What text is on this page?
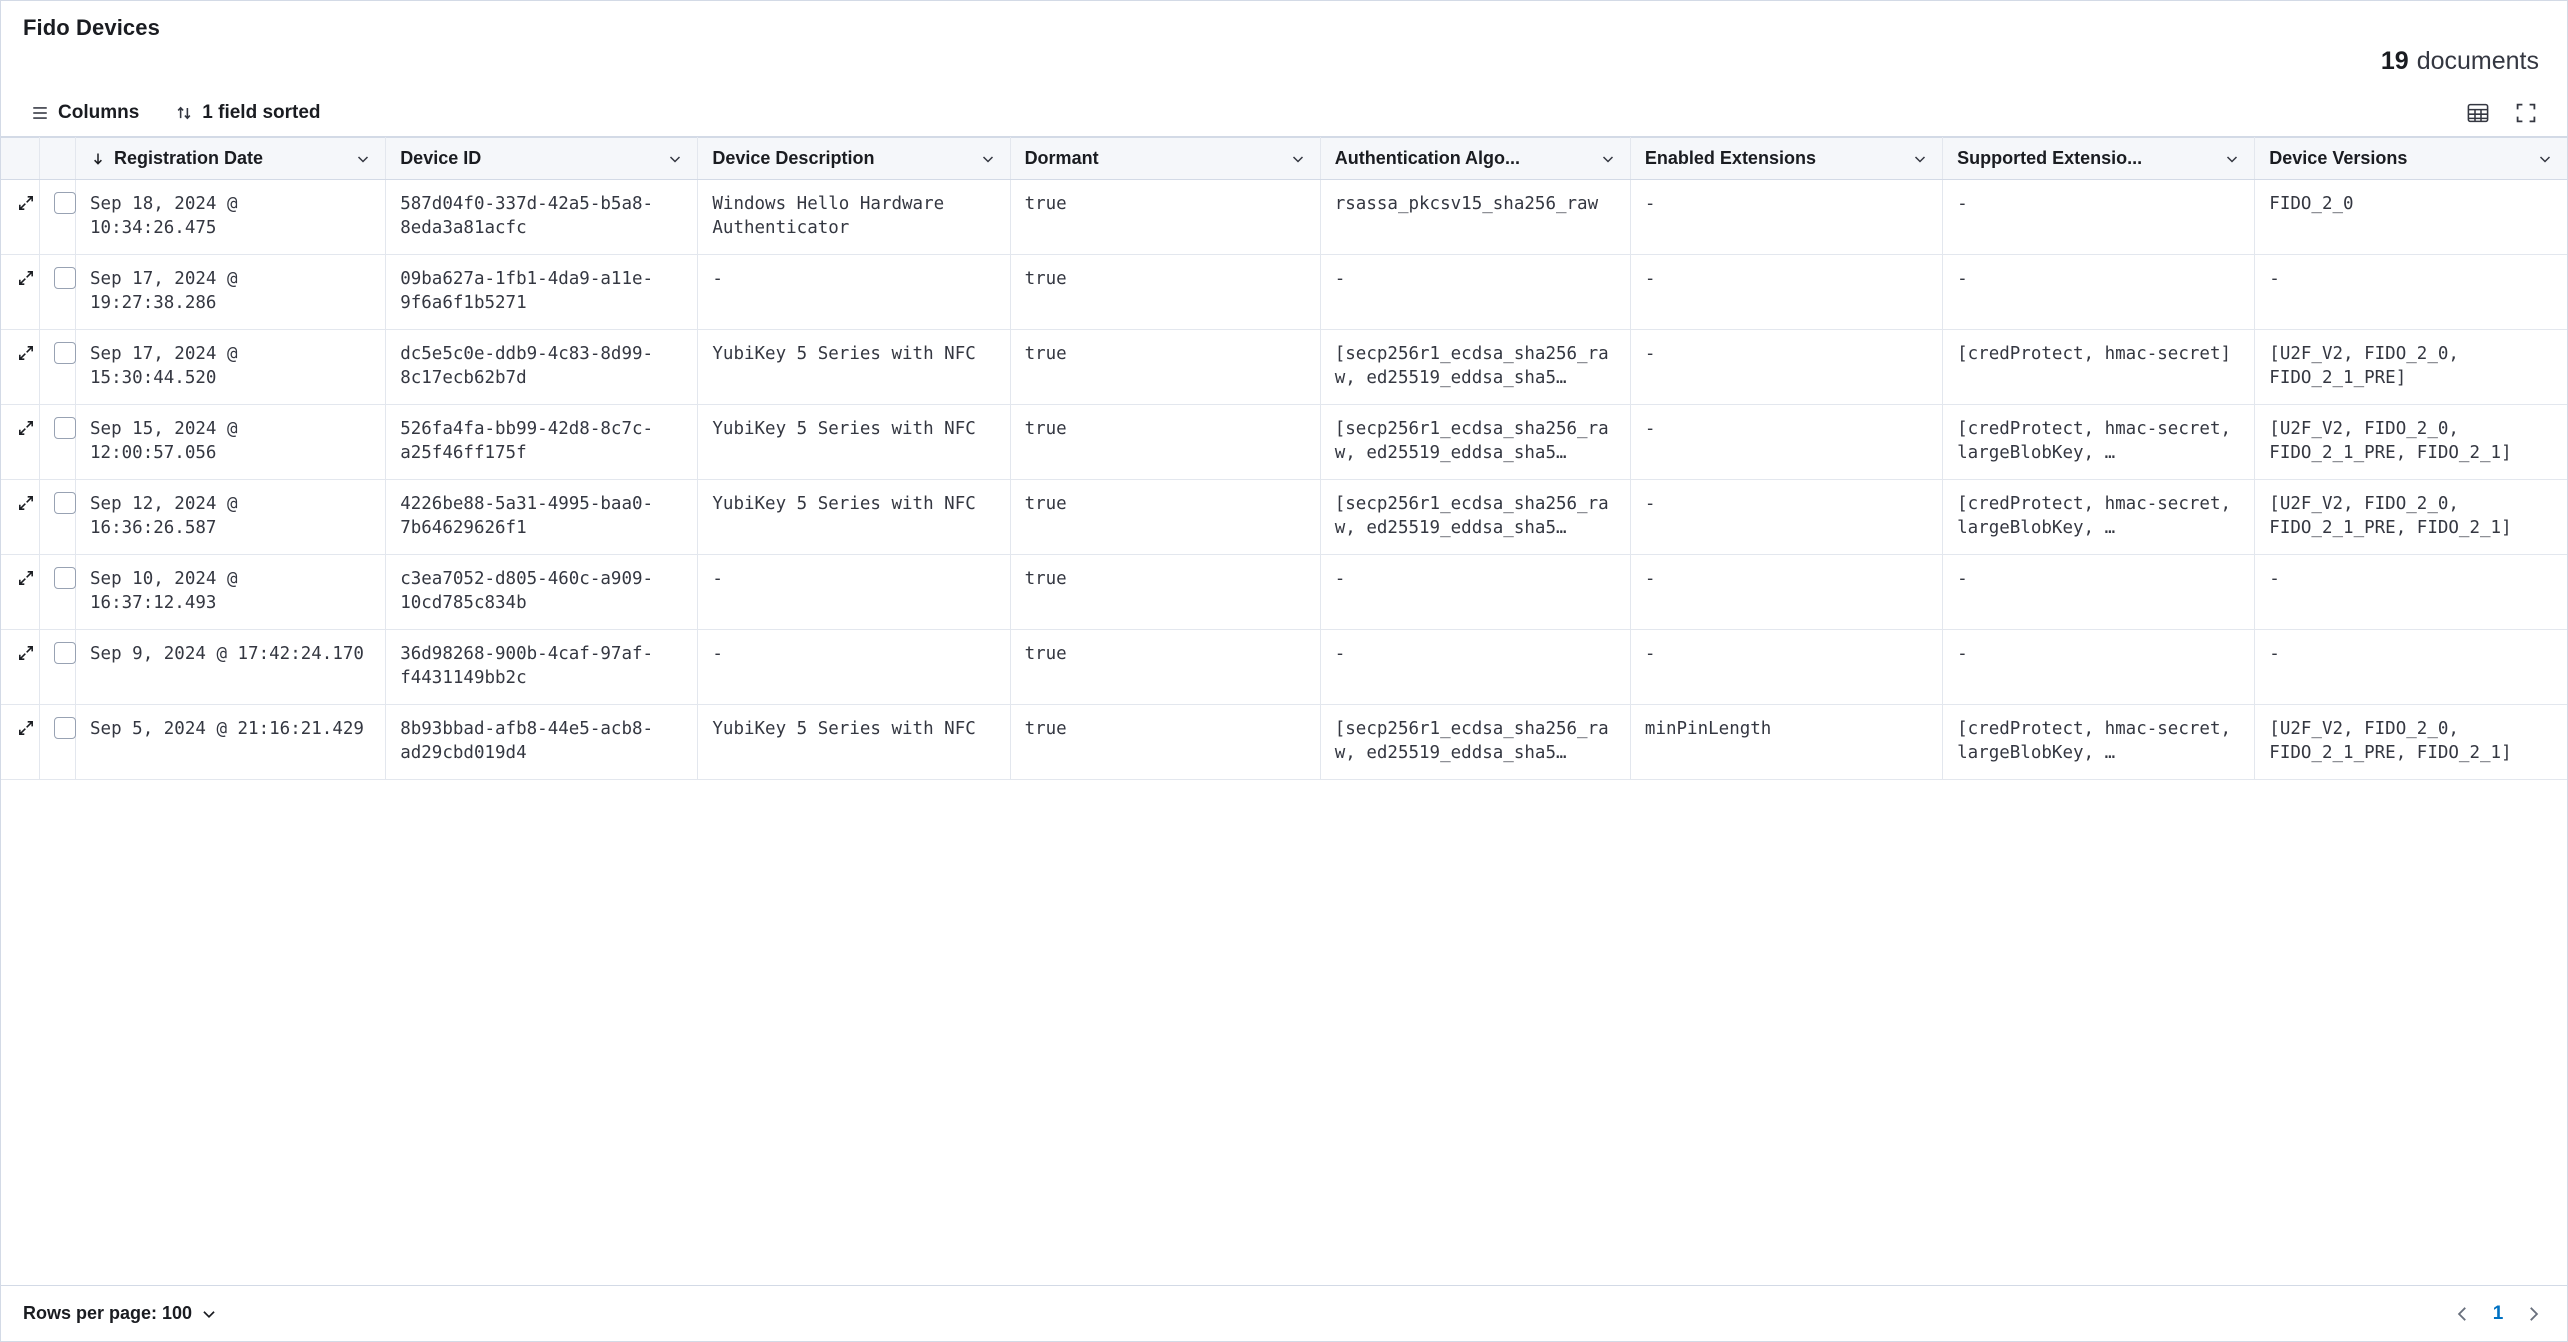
Fido Devices
19 documents
Columns	1 field sorted

		Registration Date	Device ID	Device Description	Dormant	Authentication Algo...	Enabled Extensions	Supported Extensio...	Device Versions

		Sep 18, 2024 @ 10:34:26.475	587d04f0-337d-42a5-b5a8-8eda3a81acfc	Windows Hello Hardware Authenticator	true	rsassa_pkcsv15_sha256_raw	-	-	FIDO_2_0

		Sep 17, 2024 @ 19:27:38.286	09ba627a-1fb1-4da9-a11e-9f6a6f1b5271	-	true	-	-	-	-

		Sep 17, 2024 @ 15:30:44.520	dc5e5c0e-ddb9-4c83-8d99-8c17ecb62b7d	YubiKey 5 Series with NFC	true	[secp256r1_ecdsa_sha256_raw, ed25519_eddsa_sha5…	-	[credProtect, hmac-secret]	[U2F_V2, FIDO_2_0, FIDO_2_1_PRE]

		Sep 15, 2024 @ 12:00:57.056	526fa4fa-bb99-42d8-8c7c-a25f46ff175f	YubiKey 5 Series with NFC	true	[secp256r1_ecdsa_sha256_raw, ed25519_eddsa_sha5…	-	[credProtect, hmac-secret, largeBlobKey, …	[U2F_V2, FIDO_2_0, FIDO_2_1_PRE, FIDO_2_1]

		Sep 12, 2024 @ 16:36:26.587	4226be88-5a31-4995-baa0-7b64629626f1	YubiKey 5 Series with NFC	true	[secp256r1_ecdsa_sha256_raw, ed25519_eddsa_sha5…	-	[credProtect, hmac-secret, largeBlobKey, …	[U2F_V2, FIDO_2_0, FIDO_2_1_PRE, FIDO_2_1]

		Sep 10, 2024 @ 16:37:12.493	c3ea7052-d805-460c-a909-10cd785c834b	-	true	-	-	-	-

		Sep 9, 2024 @ 17:42:24.170	36d98268-900b-4caf-97af-f4431149bb2c	-	true	-	-	-	-

		Sep 5, 2024 @ 21:16:21.429	8b93bbad-afb8-44e5-acb8-ad29cbd019d4	YubiKey 5 Series with NFC	true	[secp256r1_ecdsa_sha256_raw, ed25519_eddsa_sha5…	minPinLength	[credProtect, hmac-secret, largeBlobKey, …	[U2F_V2, FIDO_2_0, FIDO_2_1_PRE, FIDO_2_1]
Rows per page: 100	1
